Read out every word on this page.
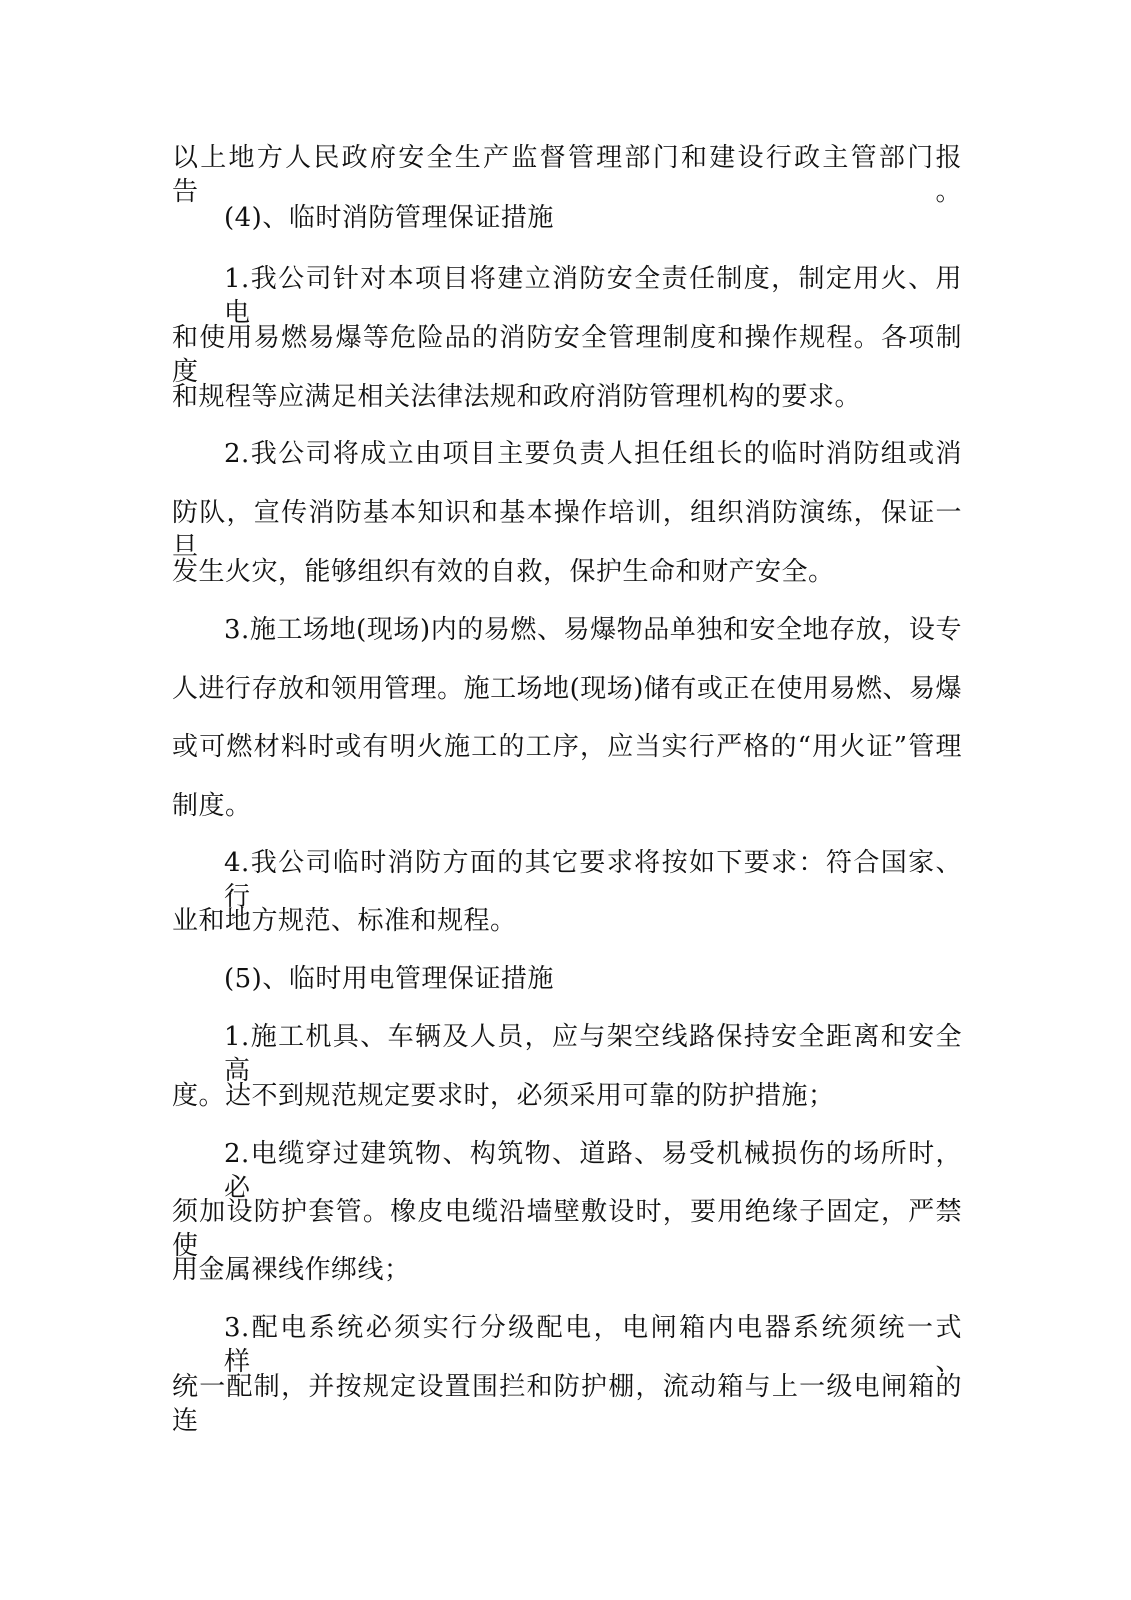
以上地方人民政府安全生产监督管理部门和建设行政主管部门报告。
(4)、临时消防管理保证措施
1.我公司针对本项目将建立消防安全责任制度，制定用火、用电
和使用易燃易爆等危险品的消防安全管理制度和操作规程。各项制度
和规程等应满足相关法律法规和政府消防管理机构的要求。
2.我公司将成立由项目主要负责人担任组长的临时消防组或消
防队，宣传消防基本知识和基本操作培训，组织消防演练，保证一旦
发生火灾，能够组织有效的自救，保护生命和财产安全。
3.施工场地(现场)内的易燃、易爆物品单独和安全地存放，设专
人进行存放和领用管理。施工场地(现场)储有或正在使用易燃、易爆
或可燃材料时或有明火施工的工序，应当实行严格的“用火证”管理
制度。
4.我公司临时消防方面的其它要求将按如下要求：符合国家、行
业和地方规范、标准和规程。
(5)、临时用电管理保证措施
1.施工机具、车辆及人员，应与架空线路保持安全距离和安全高
度。达不到规范规定要求时，必须采用可靠的防护措施；
2.电缆穿过建筑物、构筑物、道路、易受机械损伤的场所时，必
须加设防护套管。橡皮电缆沿墙壁敷设时，要用绝缘子固定，严禁使
用金属裸线作绑线；
3.配电系统必须实行分级配电，电闸箱内电器系统须统一式样、
统一配制，并按规定设置围拦和防护棚，流动箱与上一级电闸箱的连
